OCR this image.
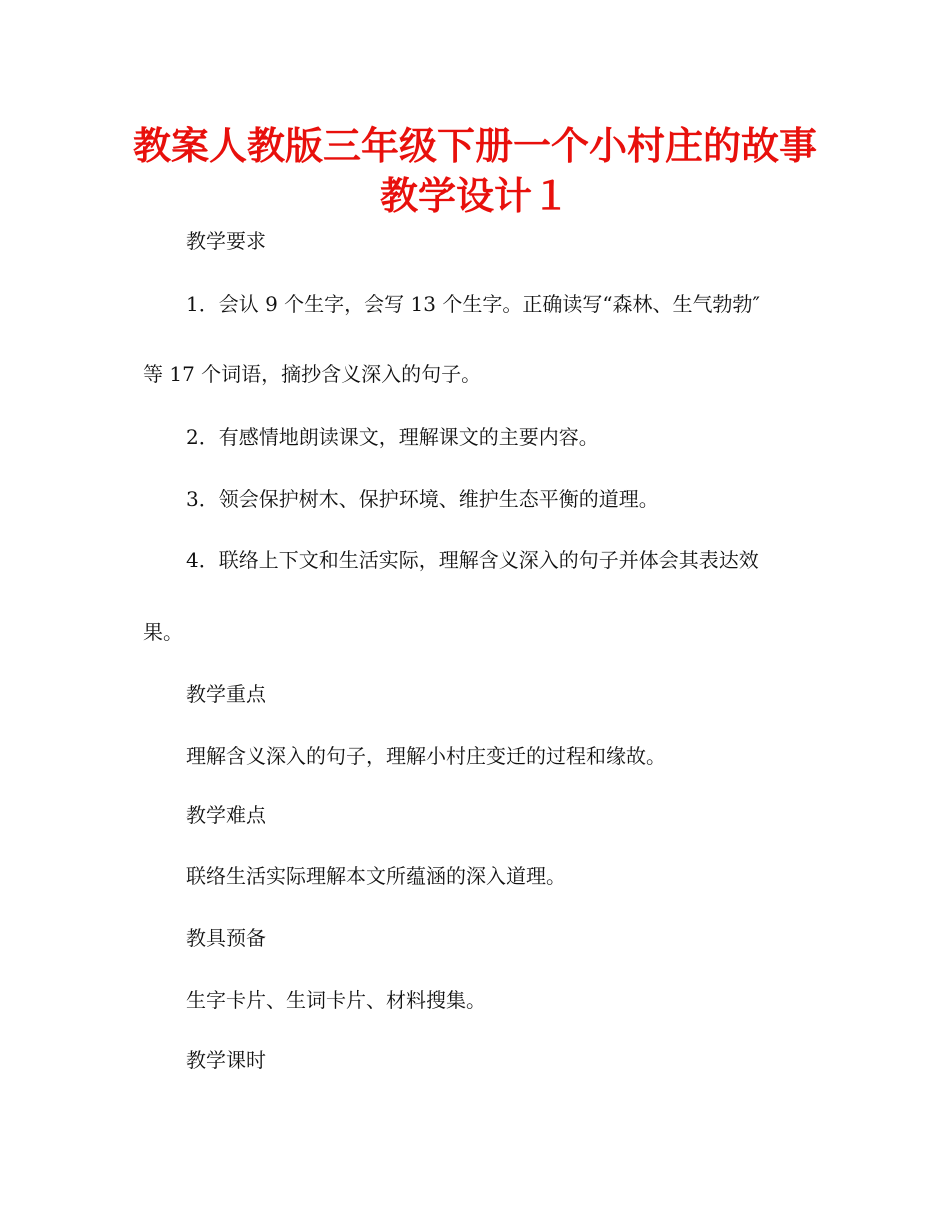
教案人教版三年级下册一个小村庄的故事
教学设计１

教学要求

1．会认 9 个生字，会写 13 个生字。正确读写“森林、生气勃勃″

等 17 个词语，摘抄含义深入的句子。

2．有感情地朗读课文，理解课文的主要内容。

3．领会保护树木、保护环境、维护生态平衡的道理。

4．联络上下文和生活实际，理解含义深入的句子并体会其表达效

果。

教学重点

理解含义深入的句子，理解小村庄变迁的过程和缘故。

教学难点

联络生活实际理解本文所蕴涵的深入道理。

教具预备

生字卡片、生词卡片、材料搜集。

教学课时
